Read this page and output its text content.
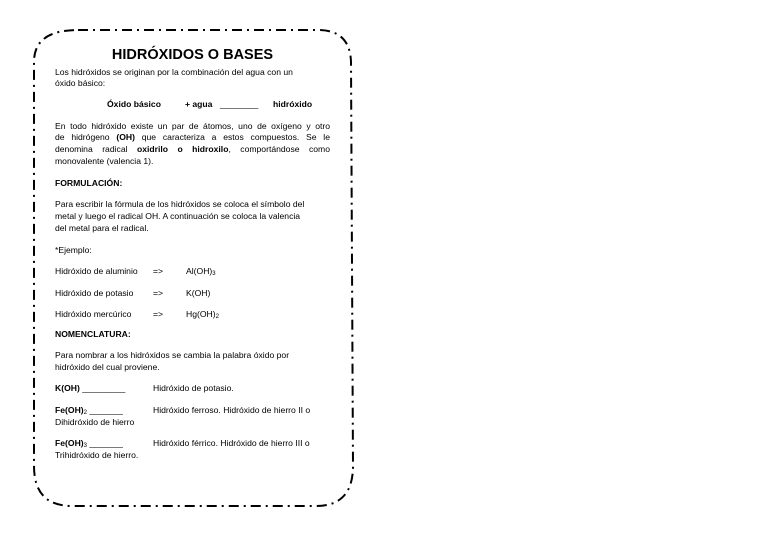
HIDRÓXIDOS O BASES
Los hidróxidos se originan por la combinación del agua con un
óxido básico:
Óxido básico	+ agua ________ hidróxido
En todo hidróxido existe un par de átomos, uno de oxígeno y otro
de hidrógeno (OH) que caracteriza a estos compuestos. Se le
denomina radical oxidrilo o hidroxilo, comportándose como
monovalente (valencia 1).
FORMULACIÓN:
Para escribir la fórmula de los hidróxidos se coloca el símbolo del
metal y luego el radical OH. A continuación se coloca la valencia
del metal para el radical.
*Ejemplo:
Hidróxido de aluminio =>	$Al(OH)_3$
Hidróxido de potasio =>	K(OH)
Hidróxido mercúrico	=>	$Hg(OH)_2$
NOMENCLATURA:
Para nombrar a los hidróxidos se cambia la palabra óxido por
hidróxido del cual proviene.
K(OH) _________	Hidróxido de potasio.
$Fe(OH)_2$ _______	Hidróxido ferroso. Hidróxido de hierro II o
Dihidróxido de hierro
$Fe(OH)_3$ _______	Hidróxido férrico. Hidróxido de hierro III o
Trihidróxido de hierro.
